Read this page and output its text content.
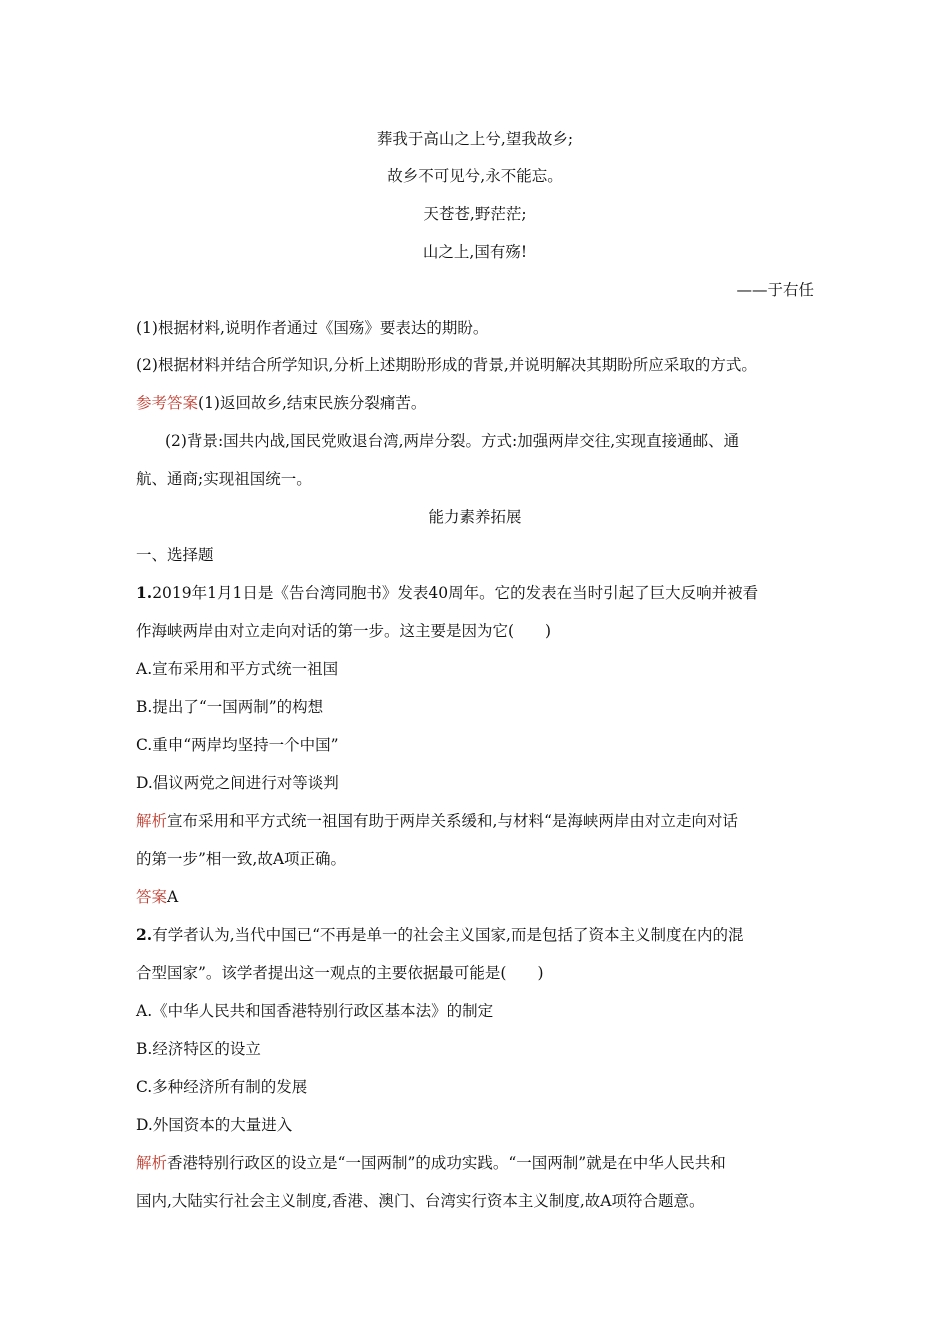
葬我于高山之上兮,望我故乡;
故乡不可见兮,永不能忘。
天苍苍,野茫茫;
山之上,国有殇!
——于右任
(1)根据材料,说明作者通过《国殇》要表达的期盼。
(2)根据材料并结合所学知识,分析上述期盼形成的背景,并说明解决其期盼所应采取的方式。
参考答案(1)返回故乡,结束民族分裂痛苦。
(2)背景:国共内战,国民党败退台湾,两岸分裂。方式:加强两岸交往,实现直接通邮、通
航、通商;实现祖国统一。
能力素养拓展
一、选择题
1.2019年1月1日是《告台湾同胞书》发表40周年。它的发表在当时引起了巨大反响并被看
作海峡两岸由对立走向对话的第一步。这主要是因为它(　　)
A.宣布采用和平方式统一祖国
B.提出了“一国两制”的构想
C.重申“两岸均坚持一个中国”
D.倡议两党之间进行对等谈判
解析宣布采用和平方式统一祖国有助于两岸关系缓和,与材料“是海峡两岸由对立走向对话
的第一步”相一致,故A项正确。
答案A
2.有学者认为,当代中国已“不再是单一的社会主义国家,而是包括了资本主义制度在内的混
合型国家”。该学者提出这一观点的主要依据最可能是(　　)
A.《中华人民共和国香港特别行政区基本法》的制定
B.经济特区的设立
C.多种经济所有制的发展
D.外国资本的大量进入
解析香港特别行政区的设立是“一国两制”的成功实践。“一国两制”就是在中华人民共和
国内,大陆实行社会主义制度,香港、澳门、台湾实行资本主义制度,故A项符合题意。
